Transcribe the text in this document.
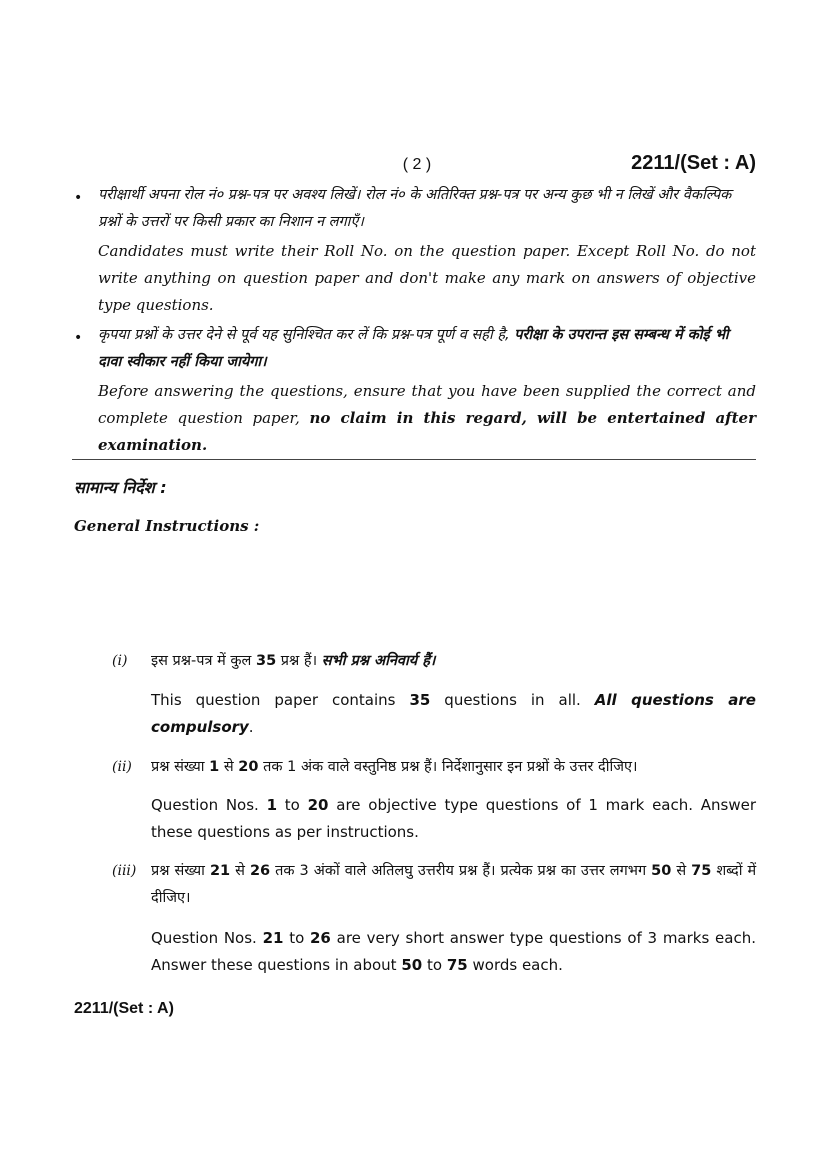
( 2 )	2211/(Set : A)
• परीक्षार्थी अपना रोल नं० प्रश्न-पत्र पर अवश्य लिखें। रोल नं० के अतिरिक्त प्रश्न-पत्र पर अन्य कुछ भी न लिखें और वैकल्पिक प्रश्नों के उत्तरों पर किसी प्रकार का निशान न लगाएँ।
Candidates must write their Roll No. on the question paper. Except Roll No. do not write anything on question paper and don't make any mark on answers of objective type questions.
• कृपया प्रश्नों के उत्तर देने से पूर्व यह सुनिश्चित कर लें कि प्रश्न-पत्र पूर्ण व सही है, परीक्षा के उपरान्त इस सम्बन्ध में कोई भी दावा स्वीकार नहीं किया जायेगा।
Before answering the questions, ensure that you have been supplied the correct and complete question paper, no claim in this regard, will be entertained after examination.
सामान्य निर्देश :
General Instructions :
(i)	इस प्रश्न-पत्र में कुल 35 प्रश्न हैं। सभी प्रश्न अनिवार्य हैं।
This question paper contains 35 questions in all. All questions are compulsory.
(ii)	प्रश्न संख्या 1 से 20 तक 1 अंक वाले वस्तुनिष्ठ प्रश्न हैं। निर्देशानुसार इन प्रश्नों के उत्तर दीजिए।
Question Nos. 1 to 20 are objective type questions of 1 mark each. Answer these questions as per instructions.
(iii)	प्रश्न संख्या 21 से 26 तक 3 अंकों वाले अतिलघु उत्तरीय प्रश्न हैं। प्रत्येक प्रश्न का उत्तर लगभग 50 से 75 शब्दों में दीजिए।
Question Nos. 21 to 26 are very short answer type questions of 3 marks each. Answer these questions in about 50 to 75 words each.
2211/(Set : A)
